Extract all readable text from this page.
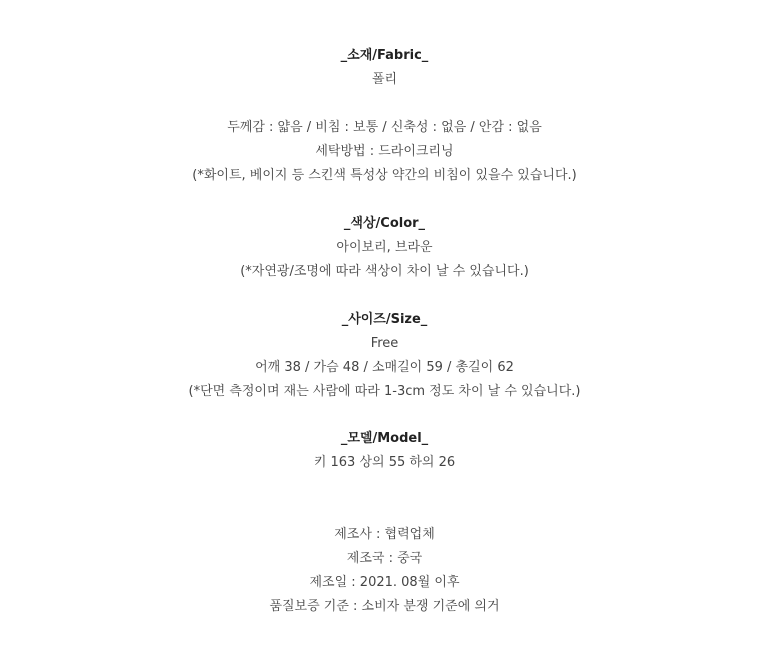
_소재/Fabric_
폴리
두께감 : 얇음 / 비침 : 보통 / 신축성 : 없음 / 안감 : 없음
세탁방법 : 드라이크리닝
(*화이트, 베이지 등 스킨색 특성상 약간의 비침이 있을수 있습니다.)
_색상/Color_
아이보리, 브라운
(*자연광/조명에 따라 색상이 차이 날 수 있습니다.)
_사이즈/Size_
Free
어깨 38 / 가슴 48 / 소매길이 59 / 총길이 62
(*단면 측정이며 재는 사람에 따라 1-3cm 정도 차이 날 수 있습니다.)
_모델/Model_
키 163 상의 55 하의 26
제조사 : 협력업체
제조국 : 중국
제조일 : 2021. 08월 이후
품질보증 기준 : 소비자 분쟁 기준에 의거
